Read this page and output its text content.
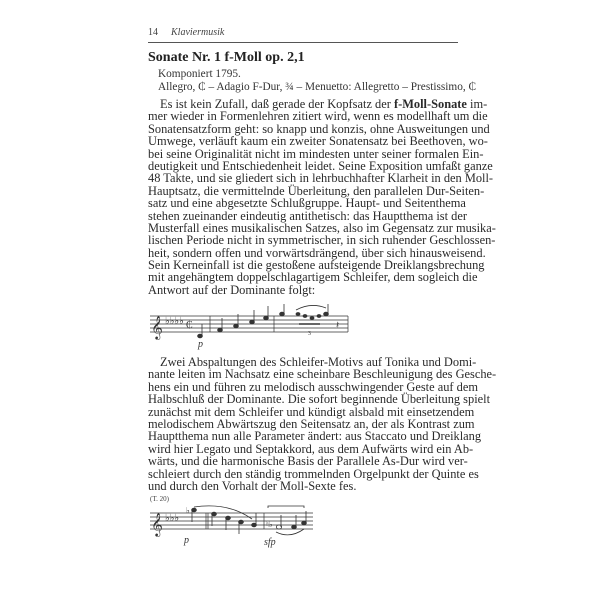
14 Klaviermusik
Sonate Nr. 1 f-Moll op. 2,1
Komponiert 1795.
Allegro, ₵ – Adagio F-Dur, ¾ – Menuetto: Allegretto – Prestissimo, ₵
Es ist kein Zufall, daß gerade der Kopfsatz der f-Moll-Sonate im-
mer wieder in Formenlehren zitiert wird, wenn es modellhaft um die
Sonatensatzform geht: so knapp und konzis, ohne Ausweitungen und
Umwege, verläuft kaum ein zweiter Sonatensatz bei Beethoven, wo-
bei seine Originalität nicht im mindesten unter seiner formalen Ein-
deutigkeit und Entschiedenheit leidet. Seine Exposition umfaßt ganze
48 Takte, und sie gliedert sich in lehrbuchhafter Klarheit in den Moll-
Hauptsatz, die vermittelnde Überleitung, den parallelen Dur-Seiten-
satz und eine abgesetzte Schlußgruppe. Haupt- und Seitenthema
stehen zueinander eindeutig antithetisch: das Hauptthema ist der
Musterfall eines musikalischen Satzes, also im Gegensatz zur musika-
lischen Periode nicht in symmetrischer, in sich ruhender Geschlossen-
heit, sondern offen und vorwärtsdrängend, über sich hinausweisend.
Sein Kerneinfall ist die gestoßene aufsteigende Dreiklangsbrechung
mit angehängtem doppelschlagartigem Schleifer, dem sogleich die
Antwort auf der Dominante folgt:
𝄞 ♭♭♭♭ ₵	𝄽
3
p
Zwei Abspaltungen des Schleifer-Motivs auf Tonika und Domi-
nante leiten im Nachsatz eine scheinbare Beschleunigung des Gesche-
hens ein und führen zu melodisch ausschwingender Geste auf dem
Halbschluß der Dominante. Die sofort beginnende Überleitung spielt
zunächst mit dem Schleifer und kündigt alsbald mit einsetzendem
melodischem Abwärtszug den Seitensatz an, der als Kontrast zum
Hauptthema nun alle Parameter ändert: aus Staccato und Dreiklang
wird hier Legato und Septakkord, aus dem Aufwärts wird ein Ab-
wärts, und die harmonische Basis der Parallele As-Dur wird ver-
schleiert durch den ständig trommelnden Orgelpunkt der Quinte es
und durch den Vorhalt der Moll-Sexte fes.
(T. 20)
𝄞 ♭♭♭
♭
♮♭
p	sfp
